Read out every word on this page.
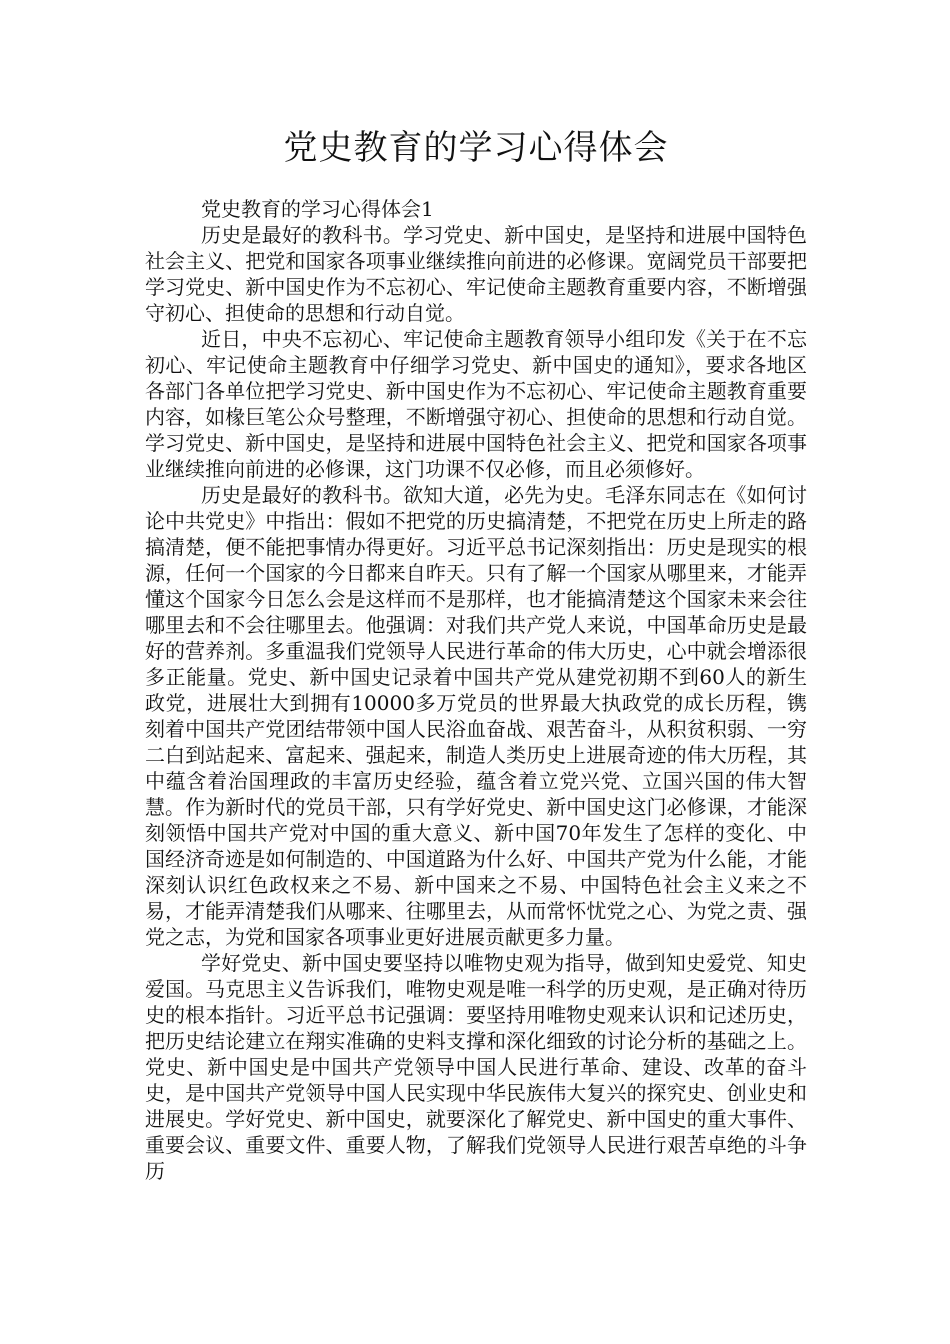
党史教育的学习心得体会

党史教育的学习心得体会1

历史是最好的教科书。学习党史、新中国史，是坚持和进展中国特色社会主义、把党和国家各项事业继续推向前进的必修课。宽阔党员干部要把学习党史、新中国史作为不忘初心、牢记使命主题教育重要内容，不断增强守初心、担使命的思想和行动自觉。

近日，中央不忘初心、牢记使命主题教育领导小组印发《关于在不忘初心、牢记使命主题教育中仔细学习党史、新中国史的通知》，要求各地区各部门各单位把学习党史、新中国史作为不忘初心、牢记使命主题教育重要内容，如椽巨笔公众号整理，不断增强守初心、担使命的思想和行动自觉。学习党史、新中国史，是坚持和进展中国特色社会主义、把党和国家各项事业继续推向前进的必修课，这门功课不仅必修，而且必须修好。

历史是最好的教科书。欲知大道，必先为史。毛泽东同志在《如何讨论中共党史》中指出：假如不把党的历史搞清楚，不把党在历史上所走的路搞清楚，便不能把事情办得更好。习近平总书记深刻指出：历史是现实的根源，任何一个国家的今日都来自昨天。只有了解一个国家从哪里来，才能弄懂这个国家今日怎么会是这样而不是那样，也才能搞清楚这个国家未来会往哪里去和不会往哪里去。他强调：对我们共产党人来说，中国革命历史是最好的营养剂。多重温我们党领导人民进行革命的伟大历史，心中就会增添很多正能量。党史、新中国史记录着中国共产党从建党初期不到60人的新生政党，进展壮大到拥有10000多万党员的世界最大执政党的成长历程，镌刻着中国共产党团结带领中国人民浴血奋战、艰苦奋斗，从积贫积弱、一穷二白到站起来、富起来、强起来，制造人类历史上进展奇迹的伟大历程，其中蕴含着治国理政的丰富历史经验，蕴含着立党兴党、立国兴国的伟大智慧。作为新时代的党员干部，只有学好党史、新中国史这门必修课，才能深刻领悟中国共产党对中国的重大意义、新中国70年发生了怎样的变化、中国经济奇迹是如何制造的、中国道路为什么好、中国共产党为什么能，才能深刻认识红色政权来之不易、新中国来之不易、中国特色社会主义来之不易，才能弄清楚我们从哪来、往哪里去，从而常怀忧党之心、为党之责、强党之志，为党和国家各项事业更好进展贡献更多力量。

学好党史、新中国史要坚持以唯物史观为指导，做到知史爱党、知史爱国。马克思主义告诉我们，唯物史观是唯一科学的历史观，是正确对待历史的根本指针。习近平总书记强调：要坚持用唯物史观来认识和记述历史，把历史结论建立在翔实准确的史料支撑和深化细致的讨论分析的基础之上。党史、新中国史是中国共产党领导中国人民进行革命、建设、改革的奋斗史，是中国共产党领导中国人民实现中华民族伟大复兴的探究史、创业史和进展史。学好党史、新中国史，就要深化了解党史、新中国史的重大事件、重要会议、重要文件、重要人物，了解我们党领导人民进行艰苦卓绝的斗争历
